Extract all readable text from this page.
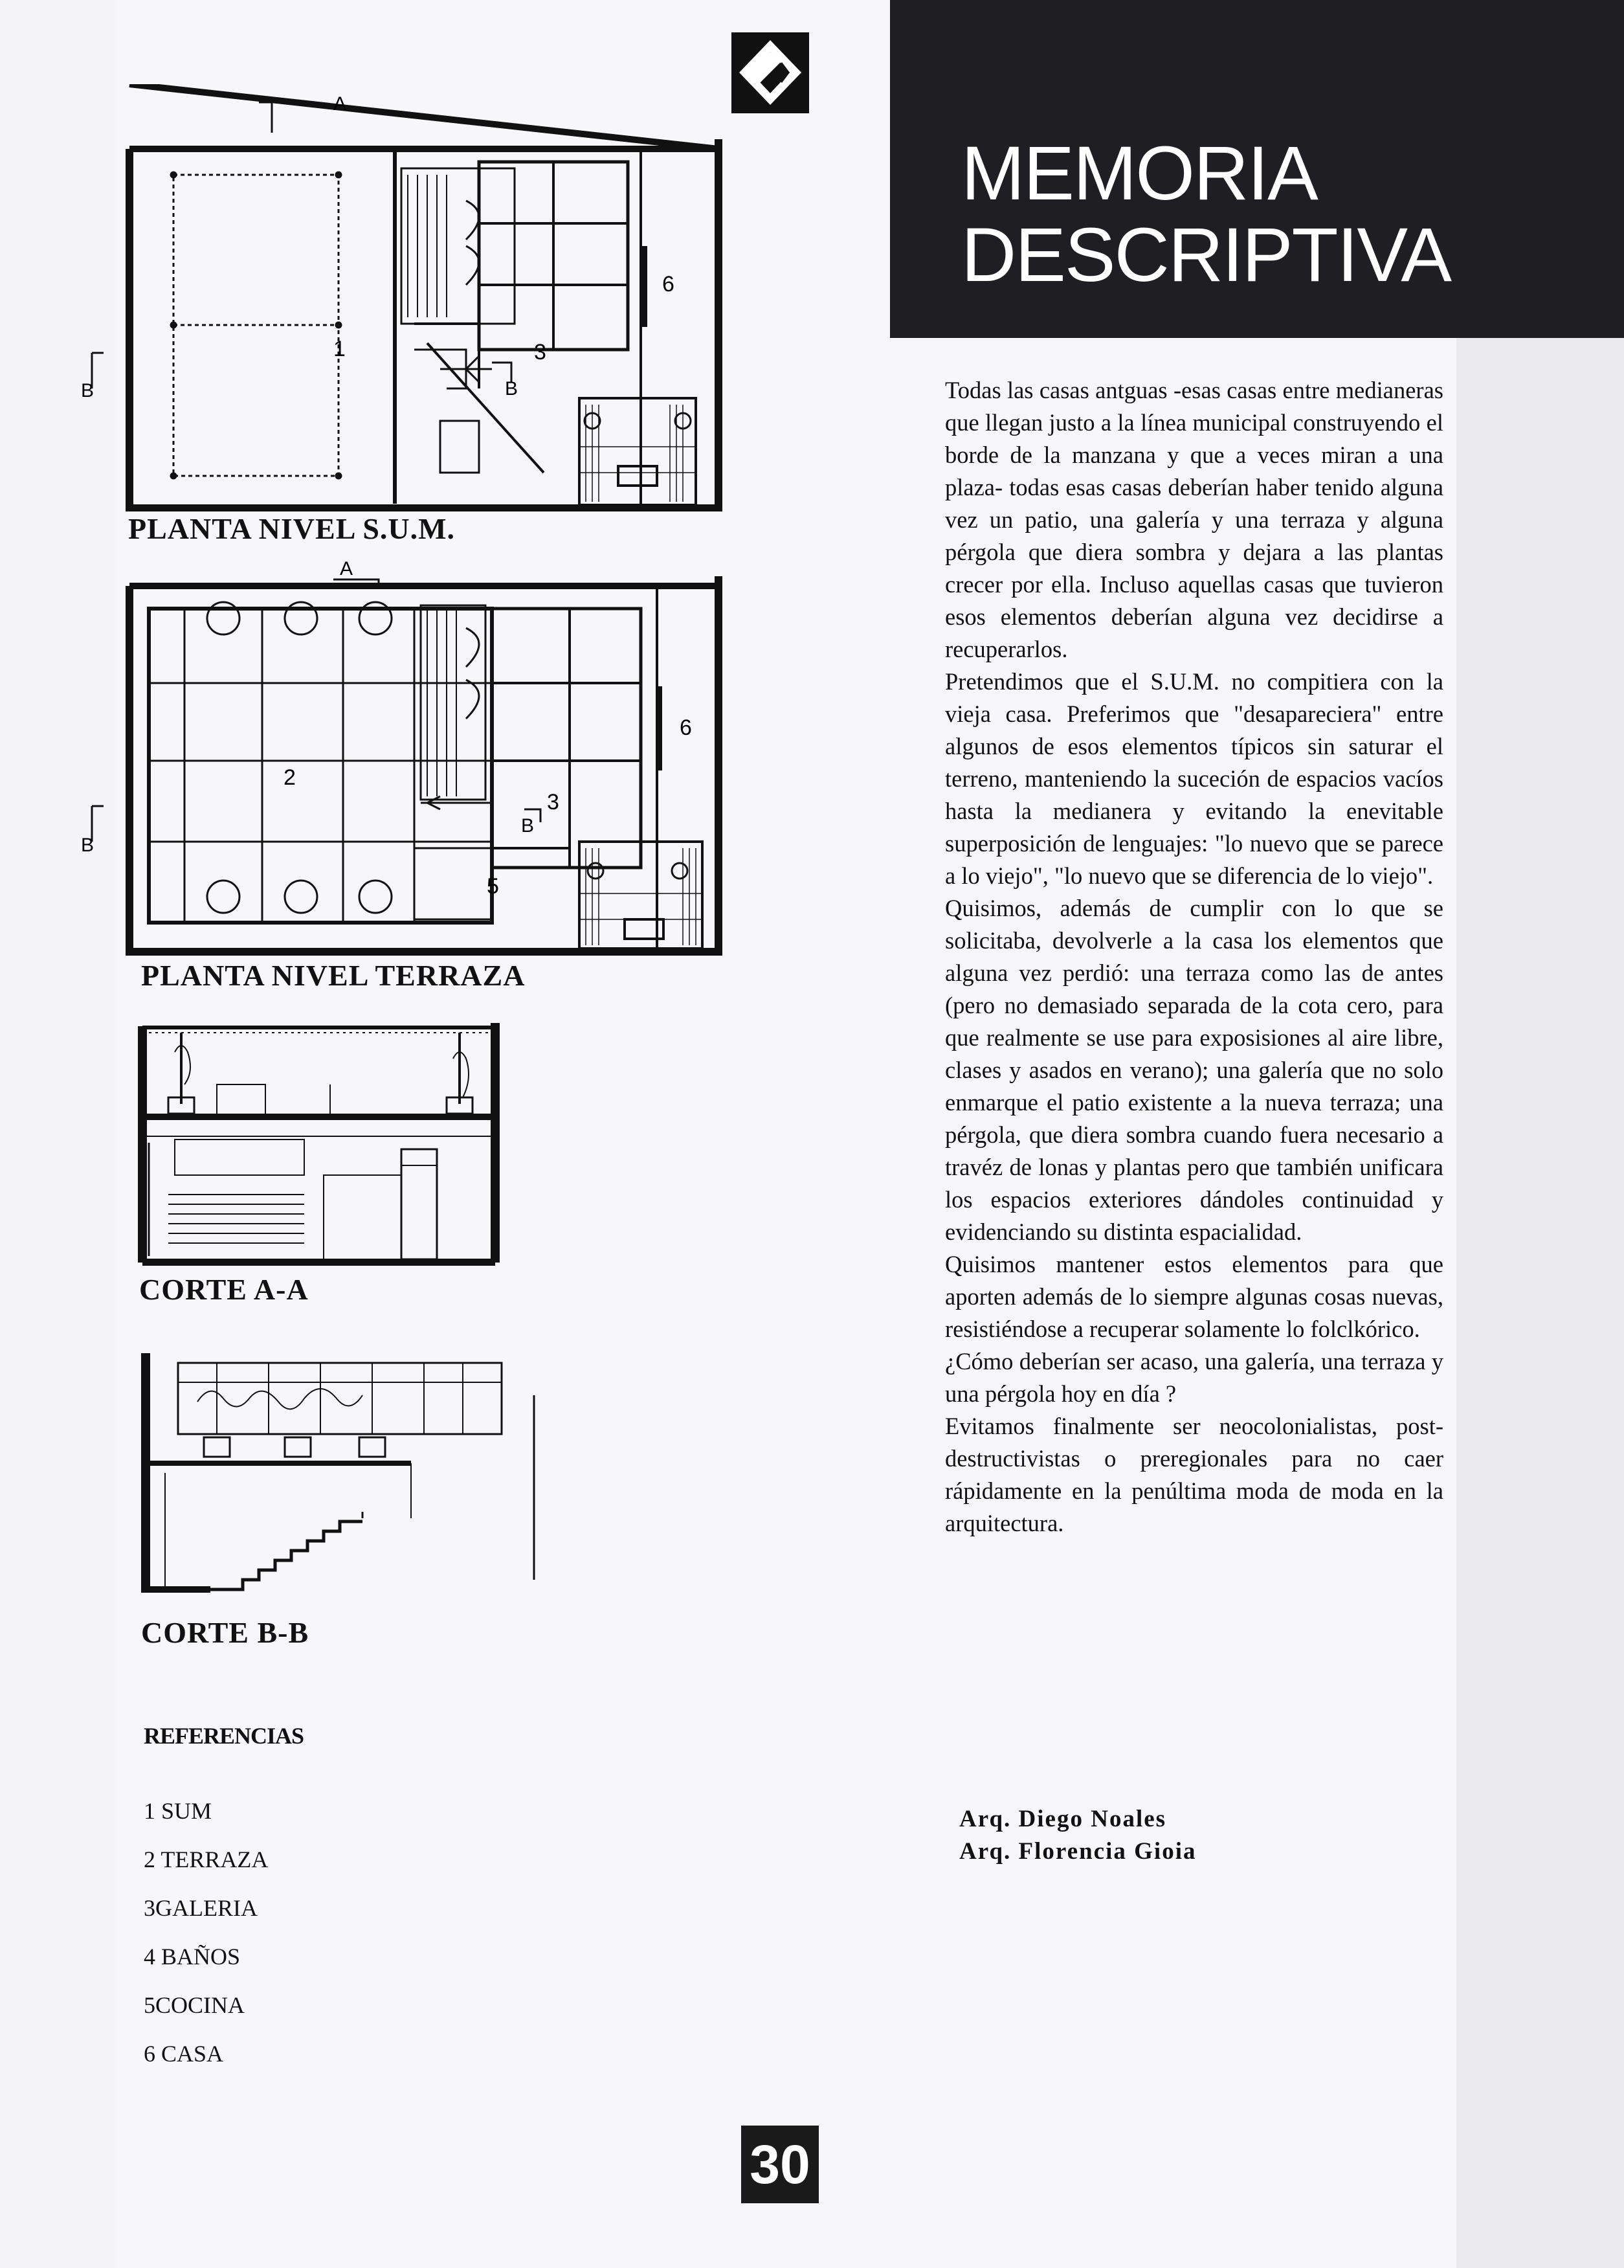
MEMORIA
DESCRIPTIVA
1	3
6
A
B	B
PLANTA NIVEL S.U.M.
2
3
5
6
A
B
B
PLANTA NIVEL TERRAZA
CORTE A-A
CORTE B-B
REFERENCIAS
1 SUM
2 TERRAZA
3GALERIA
4 BAÑOS
5COCINA
6 CASA

Todas las casas antguas -esas casas entre medianeras que llegan justo a la línea municipal construyendo el borde de la manzana y que a veces miran a una plaza- todas esas casas deberían haber tenido alguna vez un patio, una galería y una terraza y alguna pérgola que diera sombra y dejara a las plantas crecer por ella. Incluso aquellas casas que tuvieron esos elementos deberían alguna vez decidirse a recuperarlos.

Pretendimos que el S.U.M. no compitiera con la vieja casa. Preferimos que "desapareciera" entre algunos de esos elementos típicos sin saturar el terreno, manteniendo la suceción de espacios vacíos hasta la medianera y evitando la enevitable superposición de lenguajes: "lo nuevo que se parece a lo viejo", "lo nuevo que se diferencia de lo viejo".

Quisimos, además de cumplir con lo que se solicitaba, devolverle a la casa los elementos que alguna vez perdió: una terraza como las de antes (pero no demasiado separada de la cota cero, para que realmente se use para exposisiones al aire libre, clases y asados en verano); una galería que no solo enmarque el patio existente a la nueva terraza; una pérgola, que diera sombra cuando fuera necesario a travéz de lonas y plantas pero que también unificara los espacios exteriores dándoles continuidad y evidenciando su distinta espacialidad.

Quisimos mantener estos elementos para que aporten además de lo siempre algunas cosas nuevas, resistiéndose a recuperar solamente lo folclkórico.

¿Cómo deberían ser acaso, una galería, una terraza y una pérgola hoy en día ?

Evitamos finalmente ser neocolonialistas, post-destructivistas o preregionales para no caer rápidamente en la penúltima moda de moda en la arquitectura.

Arq. Diego Noales
Arq. Florencia Gioia
30
